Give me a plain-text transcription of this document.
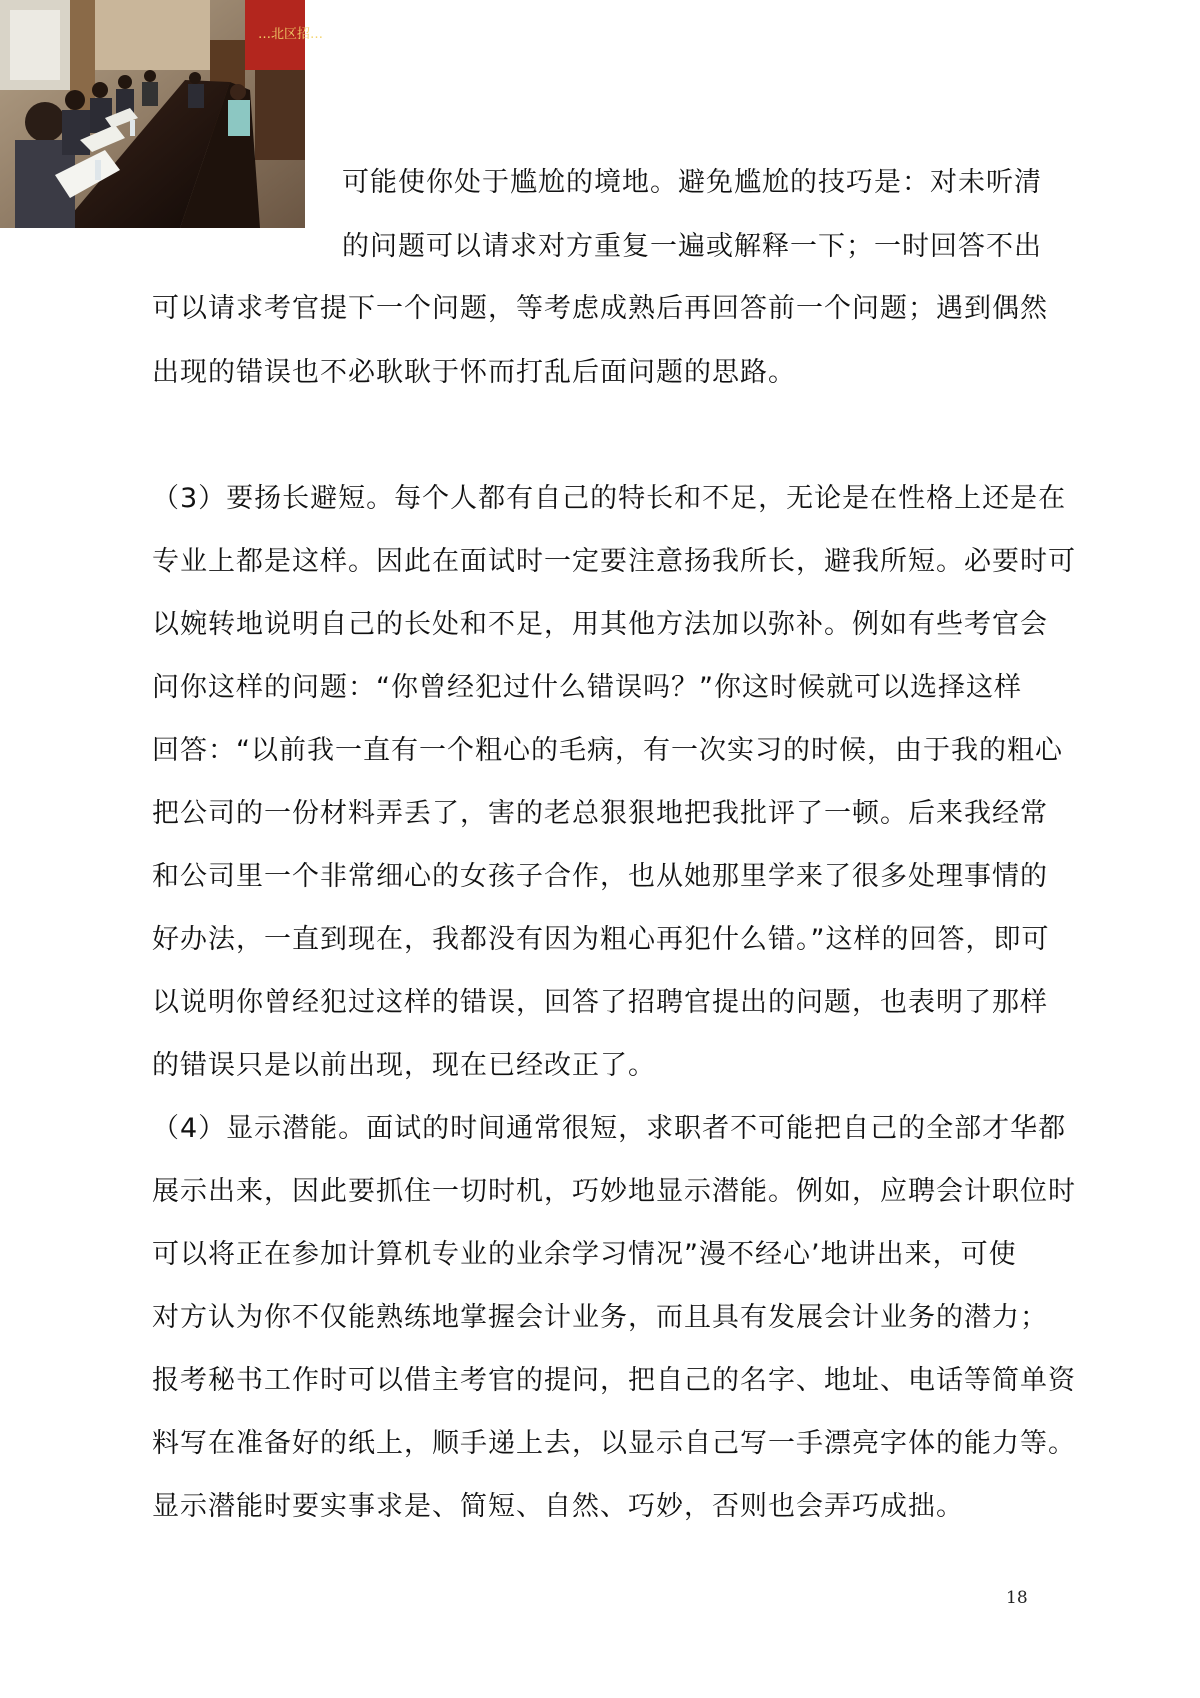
…北区招…
可能使你处于尴尬的境地。避免尴尬的技巧是：对未听清
的问题可以请求对方重复一遍或解释一下；一时回答不出
可以请求考官提下一个问题，等考虑成熟后再回答前一个问题；遇到偶然
出现的错误也不必耿耿于怀而打乱后面问题的思路。
（3）要扬长避短。每个人都有自己的特长和不足，无论是在性格上还是在
专业上都是这样。因此在面试时一定要注意扬我所长，避我所短。必要时可
以婉转地说明自己的长处和不足，用其他方法加以弥补。例如有些考官会
问你这样的问题：“你曾经犯过什么错误吗？”你这时候就可以选择这样
回答：“以前我一直有一个粗心的毛病，有一次实习的时候，由于我的粗心
把公司的一份材料弄丢了，害的老总狠狠地把我批评了一顿。后来我经常
和公司里一个非常细心的女孩子合作，也从她那里学来了很多处理事情的
好办法，一直到现在，我都没有因为粗心再犯什么错。”这样的回答，即可
以说明你曾经犯过这样的错误，回答了招聘官提出的问题，也表明了那样
的错误只是以前出现，现在已经改正了。
（4）显示潜能。面试的时间通常很短，求职者不可能把自己的全部才华都
展示出来，因此要抓住一切时机，巧妙地显示潜能。例如，应聘会计职位时
可以将正在参加计算机专业的业余学习情况”漫不经心’地讲出来，可使
对方认为你不仅能熟练地掌握会计业务，而且具有发展会计业务的潜力；
报考秘书工作时可以借主考官的提问，把自己的名字、地址、电话等简单资
料写在准备好的纸上，顺手递上去，以显示自己写一手漂亮字体的能力等。
显示潜能时要实事求是、简短、自然、巧妙，否则也会弄巧成拙。
18
